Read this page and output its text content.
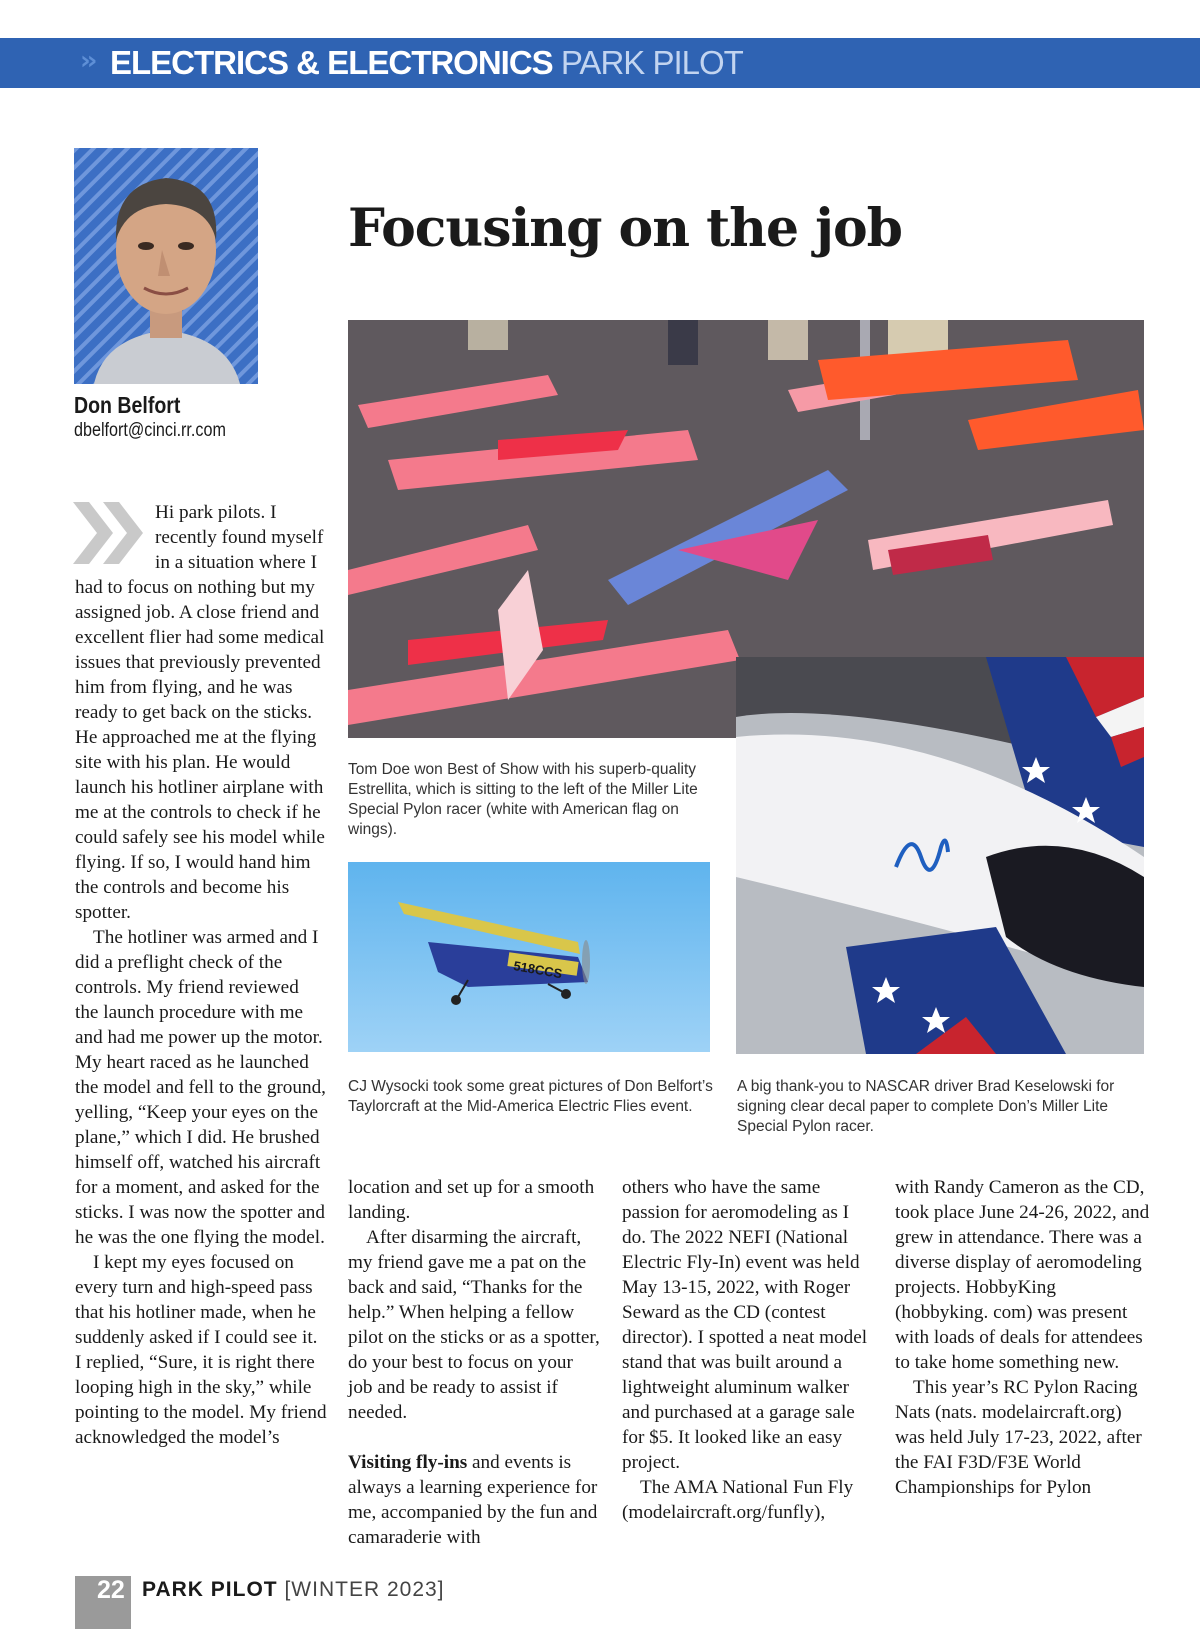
›› ELECTRICS & ELECTRONICS PARK PILOT
Don Belfort
dbelfort@cinci.rr.com
Focusing on the job
Tom Doe won Best of Show with his superb-quality Estrellita, which is sitting to the left of the Miller Lite Special Pylon racer (white with American flag on wings).
518CCS
CJ Wysocki took some great pictures of Don Belfort’s Taylorcraft at the Mid-America Electric Flies event.
A big thank-you to NASCAR driver Brad Keselowski for signing clear decal paper to complete Don’s Miller Lite Special Pylon racer.

Hi park pilots. I recently found myself in a situation where I had to focus on nothing but my assigned job. A close friend and excellent flier had some medical issues that previously prevented him from flying, and he was ready to get back on the sticks. He approached me at the flying site with his plan. He would launch his hotliner airplane with me at the controls to check if he could safely see his model while flying. If so, I would hand him the controls and become his spotter.

The hotliner was armed and I did a preflight check of the controls. My friend reviewed the launch procedure with me and had me power up the motor. My heart raced as he launched the model and fell to the ground, yelling, “Keep your eyes on the plane,” which I did. He brushed himself off, watched his aircraft for a moment, and asked for the sticks. I was now the spotter and he was the one flying the model.

I kept my eyes focused on every turn and high-speed pass that his hotliner made, when he suddenly asked if I could see it. I replied, “Sure, it is right there looping high in the sky,” while pointing to the model. My friend acknowledged the model’s

location and set up for a smooth landing.

After disarming the aircraft, my friend gave me a pat on the back and said, “Thanks for the help.” When helping a fellow pilot on the sticks or as a spotter, do your best to focus on your job and be ready to assist if needed.

Visiting fly-ins and events is always a learning experience for me, accompanied by the fun and camaraderie with

others who have the same passion for aeromodeling as I do. The 2022 NEFI (National Electric Fly-In) event was held May 13-15, 2022, with Roger Seward as the CD (contest director). I spotted a neat model stand that was built around a lightweight aluminum walker and purchased at a garage sale for $5. It looked like an easy project.

The AMA National Fun Fly (modelaircraft.org/funfly),

with Randy Cameron as the CD, took place June 24-26, 2022, and grew in attendance. There was a diverse display of aeromodeling projects. HobbyKing (hobbyking. com) was present with loads of deals for attendees to take home something new.

This year’s RC Pylon Racing Nats (nats. modelaircraft.org) was held July 17-23, 2022, after the FAI F3D/F3E World Championships for Pylon

22 PARK PILOT [WINTER 2023]
